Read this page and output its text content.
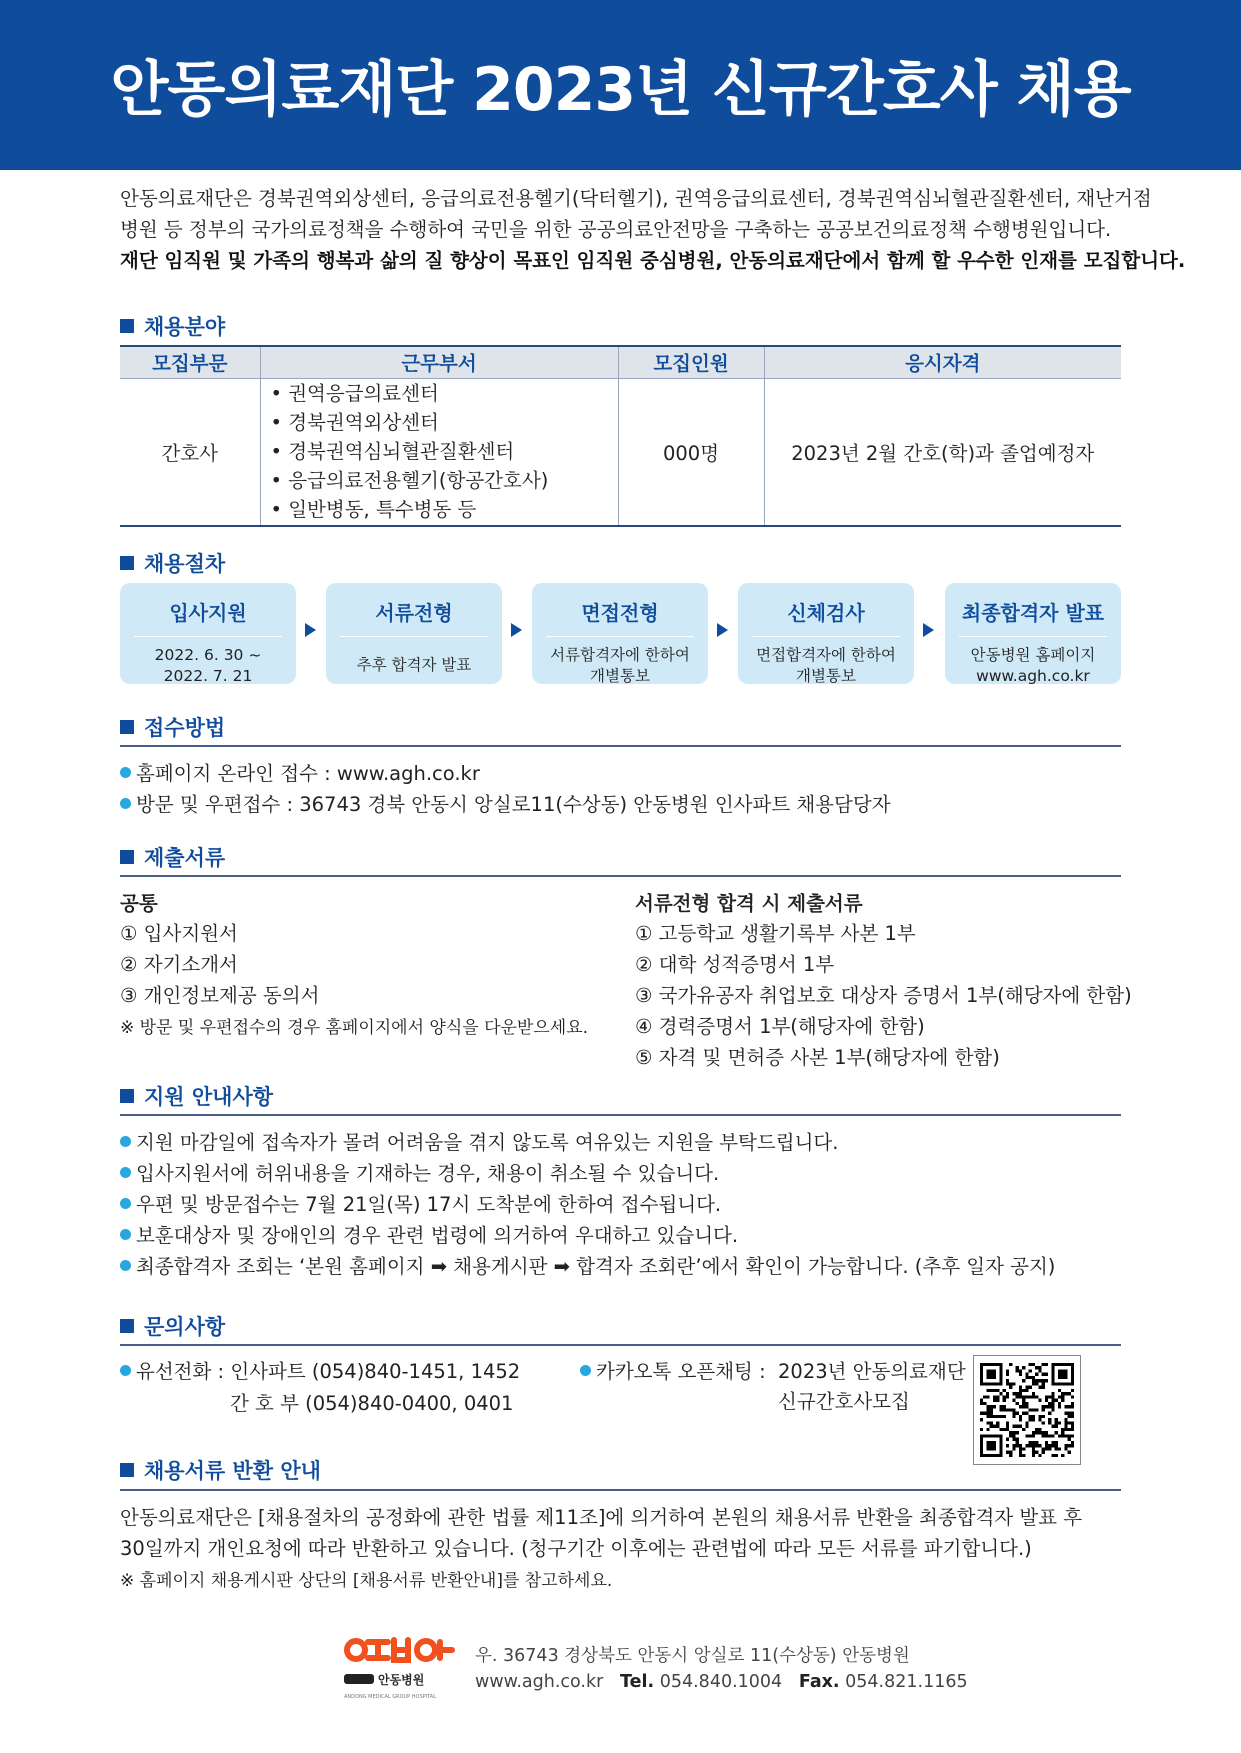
안동의료재단 2023년 신규간호사 채용

안동의료재단은 경북권역외상센터, 응급의료전용헬기(닥터헬기), 권역응급의료센터, 경북권역심뇌혈관질환센터, 재난거점

병원 등 정부의 국가의료정책을 수행하여 국민을 위한 공공의료안전망을 구축하는 공공보건의료정책 수행병원입니다.

재단 임직원 및 가족의 행복과 삶의 질 향상이 목표인 임직원 중심병원, 안동의료재단에서 함께 할 우수한 인재를 모집합니다.

채용분야
모집부문	근무부서	모집인원	응시자격
간호사	• 권역응급의료센터
• 경북권역외상센터
• 경북권역심뇌혈관질환센터
• 응급의료전용헬기(항공간호사)
• 일반병동, 특수병동 등	000명	2023년 2월 간호(학)과 졸업예정자
채용절차
입사지원
2022. 6. 30 ~
2022. 7. 21
서류전형
추후 합격자 발표
면접전형
서류합격자에 한하여
개별통보
신체검사
면접합격자에 한하여
개별통보
최종합격자 발표
안동병원 홈페이지
www.agh.co.kr
접수방법
홈페이지 온라인 접수 : www.agh.co.kr
방문 및 우편접수 : 36743 경북 안동시 앙실로11(수상동) 안동병원 인사파트 채용담당자
제출서류
공통
① 입사지원서
② 자기소개서
③ 개인정보제공 동의서
※ 방문 및 우편접수의 경우 홈페이지에서 양식을 다운받으세요.
서류전형 합격 시 제출서류
① 고등학교 생활기록부 사본 1부
② 대학 성적증명서 1부
③ 국가유공자 취업보호 대상자 증명서 1부(해당자에 한함)
④ 경력증명서 1부(해당자에 한함)
⑤ 자격 및 면허증 사본 1부(해당자에 한함)
지원 안내사항
지원 마감일에 접속자가 몰려 어려움을 겪지 않도록 여유있는 지원을 부탁드립니다.
입사지원서에 허위내용을 기재하는 경우, 채용이 취소될 수 있습니다.
우편 및 방문접수는 7월 21일(목) 17시 도착분에 한하여 접수됩니다.
보훈대상자 및 장애인의 경우 관련 법령에 의거하여 우대하고 있습니다.
최종합격자 조회는 ‘본원 홈페이지 ➡ 채용게시판 ➡ 합격자 조회란’에서 확인이 가능합니다. (추후 일자 공지)
문의사항
유선전화 : 인사파트 (054)840-1451, 1452
간 호 부 (054)840-0400, 0401
카카오톡 오픈채팅 : 2023년 안동의료재단
신규간호사모집
채용서류 반환 안내
안동의료재단은 [채용절차의 공정화에 관한 법률 제11조]에 의거하여 본원의 채용서류 반환을 최종합격자 발표 후
30일까지 개인요청에 따라 반환하고 있습니다. (청구기간 이후에는 관련법에 따라 모든 서류를 파기합니다.)
※ 홈페이지 채용게시판 상단의 [채용서류 반환안내]를 참고하세요.
안동병원
ANDONG MEDICAL GROUP HOSPITAL
우. 36743 경상북도 안동시 앙실로 11(수상동) 안동병원
www.agh.co.kr Tel. 054.840.1004 Fax. 054.821.1165
